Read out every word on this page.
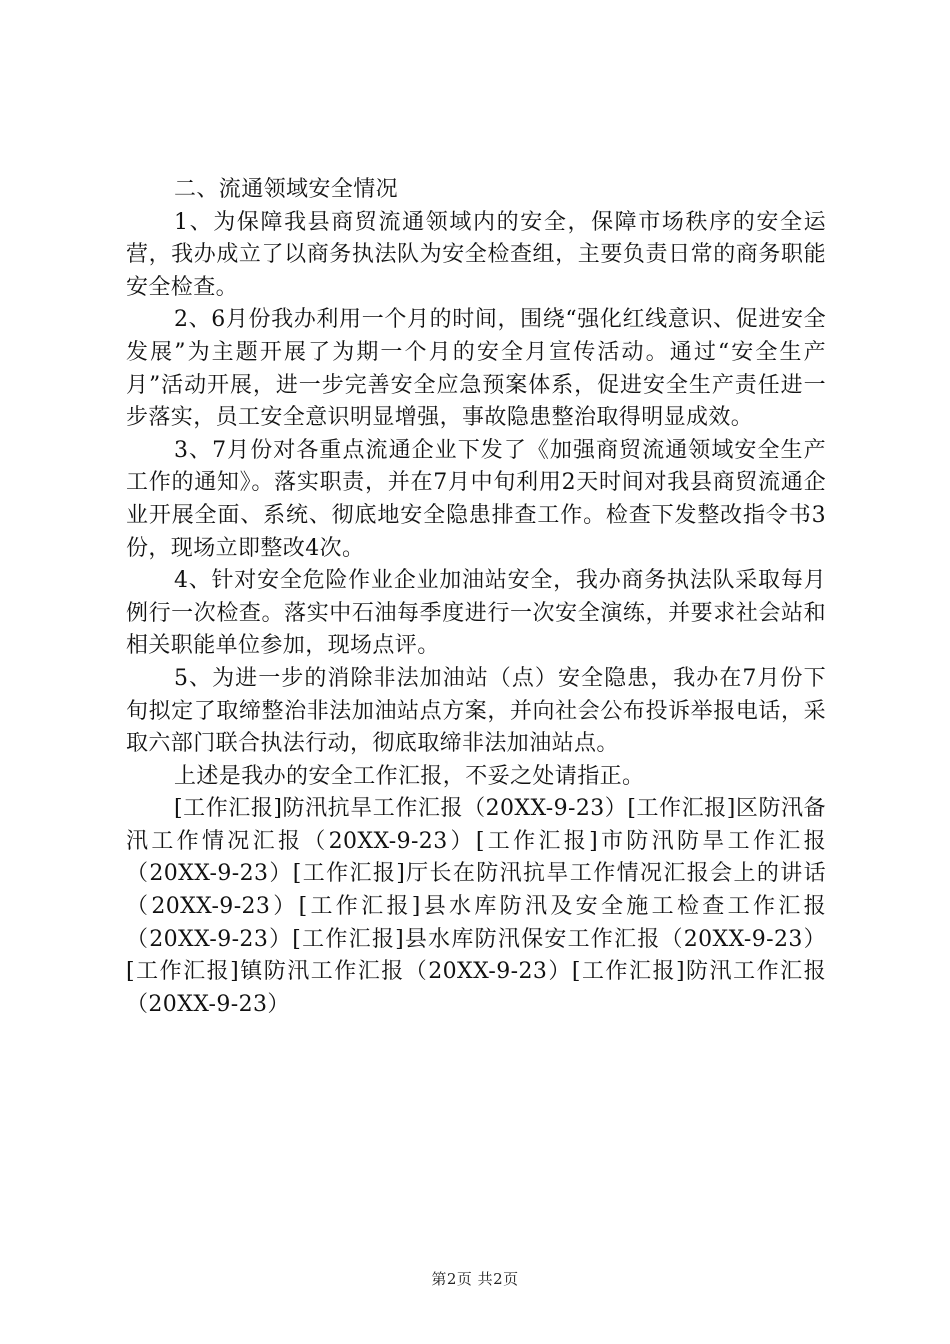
二、流通领域安全情况

1、为保障我县商贸流通领域内的安全，保障市场秩序的安全运营，我办成立了以商务执法队为安全检查组，主要负责日常的商务职能安全检查。

2、6月份我办利用一个月的时间，围绕“强化红线意识、促进安全发展”为主题开展了为期一个月的安全月宣传活动。通过“安全生产月”活动开展，进一步完善安全应急预案体系，促进安全生产责任进一步落实，员工安全意识明显增强，事故隐患整治取得明显成效。

3、7月份对各重点流通企业下发了《加强商贸流通领域安全生产工作的通知》。落实职责，并在7月中旬利用2天时间对我县商贸流通企业开展全面、系统、彻底地安全隐患排查工作。检查下发整改指令书3份，现场立即整改4次。

4、针对安全危险作业企业加油站安全，我办商务执法队采取每月例行一次检查。落实中石油每季度进行一次安全演练，并要求社会站和相关职能单位参加，现场点评。

5、为进一步的消除非法加油站（点）安全隐患，我办在7月份下旬拟定了取缔整治非法加油站点方案，并向社会公布投诉举报电话，采取六部门联合执法行动，彻底取缔非法加油站点。

上述是我办的安全工作汇报，不妥之处请指正。

[工作汇报]防汛抗旱工作汇报（20XX-9-23）[工作汇报]区防汛备汛工作情况汇报（20XX-9-23）[工作汇报]市防汛防旱工作汇报（20XX-9-23）[工作汇报]厅长在防汛抗旱工作情况汇报会上的讲话（20XX-9-23）[工作汇报]县水库防汛及安全施工检查工作汇报（20XX-9-23）[工作汇报]县水库防汛保安工作汇报（20XX-9-23）[工作汇报]镇防汛工作汇报（20XX-9-23）[工作汇报]防汛工作汇报（20XX-9-23）

第2页 共2页
